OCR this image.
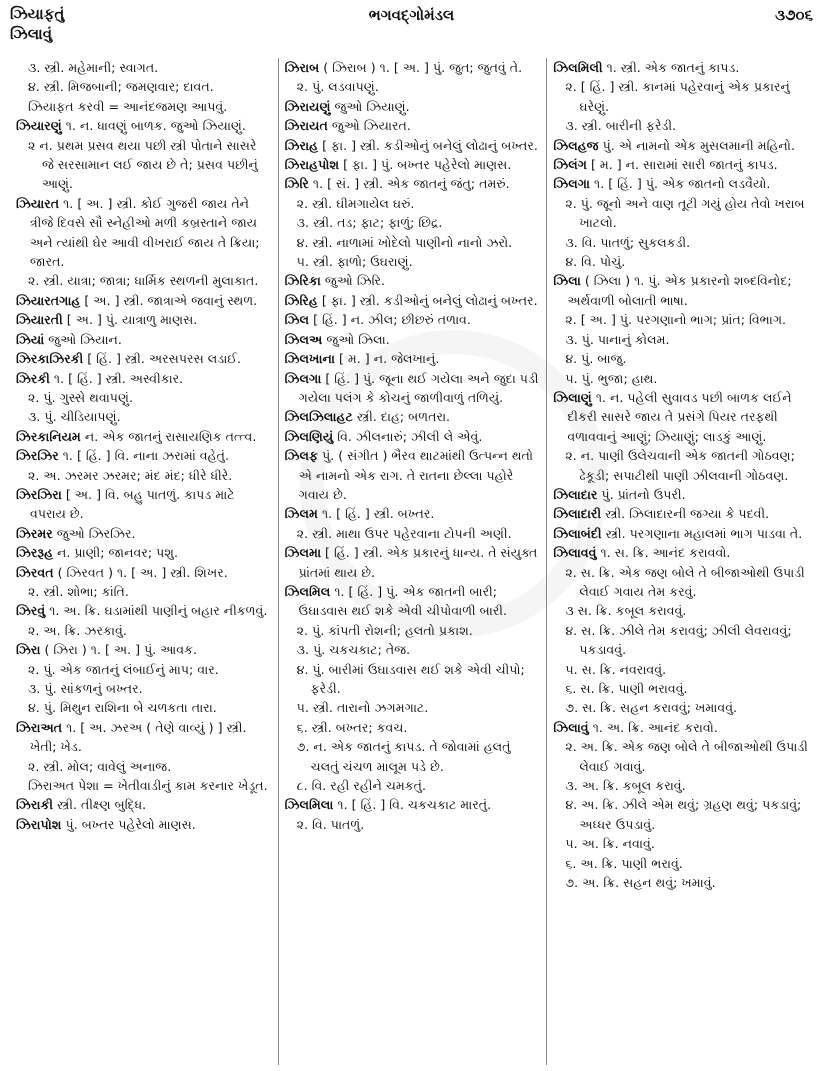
ઝિયાફતું
ઝિલાવું
ભગવદ્ગોમંડલ	૩૭૦૬
૩. સ્ત્રી. મહેમાની; સ્વાગત.
૪. સ્ત્રી. મિજબાની; જમણવાર; દાવત.
ઝિયાફત કરવી = આનંદજમણ આપવું.
ઝિયારણું ૧. ન. ધાવણું બાળક. જુઓ ઝિયાણું.
૨ ન. પ્રથમ પ્રસવ થયા પછી સ્ત્રી પોતાને સાસરે જે સરસામાન લઈ જાય છે તે; પ્રસવ પછીનું આણું.
ઝિયારત ૧. [ અ. ] સ્ત્રી. કોઈ ગુજરી જાય તેને ત્રીજે દિવસે સૌ સ્નેહીઓ મળી કબ્રસ્તાને જાય અને ત્યાંથી ઘેર આવી વીખરાઈ જાય તે ક્રિયા; જારત.
૨. સ્ત્રી. યાત્રા; જાત્રા; ધાર્મિક સ્થળની મુલાકાત.
ઝિયારતગાહ [ અ. ] સ્ત્રી. જાત્રાએ જવાનું સ્થળ.
ઝિયારતી [ અ. ] પું. યાત્રાળુ માણસ.
ઝિયાં જુઓ ઝિયાન.
ઝિરકાઝિરકી [ હિં. ] સ્ત્રી. અરસપરસ લડાઈ.
ઝિરકી ૧. [ હિં. ] સ્ત્રી. અસ્વીકાર.
૨. પું. ગુસ્સે થવાપણું.
૩. પું. ચીડિયાપણું.
ઝિરકાનિયમ ન. એક જાતનું રાસાયણિક તત્ત્વ.
ઝિરઝિર ૧. [ હિં. ] વિ. નાના ઝરામાં વહેતું.
૨. અ. ઝરમર ઝરમર; મંદ મંદ; ધીરે ધીરે.
ઝિરઝિરા [ અ. ] વિ. બહુ પાતળું. કાપડ માટે વપરાય છે.
ઝિરમર જુઓ ઝિરઝિર.
ઝિરરૂહ ન. પ્રાણી; જાનવર; પશુ.
ઝિરવત ( ઝિરવત ) ૧. [ અ. ] સ્ત્રી. શિખર.
૨. સ્ત્રી. શોભા; કાંતિ.
ઝિરવું ૧. અ. ક્રિ. ઘડામાંથી પાણીનું બહાર નીકળવું.
૨. અ. ક્રિ. ઝરકાવું.
ઝિરા ( ઝિરા ) ૧. [ અ. ] પું. આવક.
૨. પું. એક જાતનું લંબાઈનું માપ; વાર.
૩. પું. સાંકળનું બખ્તર.
૪. પું. મિથુન રાશિના બે ચળકતા તારા.
ઝિરાઅત ૧. [ અ. ઝરઅ ( તેણે વાવ્યું ) ] સ્ત્રી. ખેતી; ખેડ.
૨. સ્ત્રી. મોલ; વાવેલું અનાજ.
ઝિરાઅત પેશા = ખેતીવાડીનું કામ કરનાર ખેડૂત.
ઝિરાકી સ્ત્રી. તીક્ષ્ણ બુદ્ધિ.
ઝિરાપોશ પું. બખ્તર પહેરેલો માણસ.
ઝિરાબ ( ઝિરાબ ) ૧. [ અ. ] પું. જુત; જુતવું તે.
૨. પું. લડવાપણું.
ઝિરાયણું જુઓ ઝિયાણું.
ઝિરાયત જુઓ ઝિયારત.
ઝિરાહ [ ફા. ] સ્ત્રી. કડીઓનું બનેલું લોઢાનું બખ્તર.
ઝિરાહપોશ [ ફા. ] પું. બખ્તર પહેરેલો માણસ.
ઝિરિ ૧. [ સં. ] સ્ત્રી. એક જાતનું જંતુ; તમરું.
૨. સ્ત્રી. ઘીમગાયેલ ઘરું.
૩. સ્ત્રી. તડ; ફાટ; ફાળું; છિદ્ર.
૪. સ્ત્રી. નાળામાં ખોદેલો પાણીનો નાનો ઝરો.
૫. સ્ત્રી. ફાળો; ઉઘરાણું.
ઝિરિકા જુઓ ઝિરિ.
ઝિરિહ [ ફા. ] સ્ત્રી. કડીઓનું બનેલું લોઢાનું બખ્તર.
ઝિલ [ હિં. ] ન. ઝીલ; છીછરું તળાવ.
ઝિલઅ જુઓ ઝિલા.
ઝિલખાના [ મ. ] ન. જેલખાનું.
ઝિલગા [ હિં. ] પું. જૂના થઈ ગયેલા અને જુદા પડી ગયેલા પલંગ કે કોચનું જાળીવાળું તળિયું.
ઝિલઝિલાહટ સ્ત્રી. દાહ; બળતરા.
ઝિલણિયું વિ. ઝીલનારું; ઝીલી લે એવું.
ઝિલફ પું. ( સંગીત ) ભૈરવ થાટમાંથી ઉત્પન્ન થતો એ નામનો એક રાગ. તે રાતના છેલ્લા પહોરે ગવાય છે.
ઝિલમ ૧. [ હિં. ] સ્ત્રી. બખ્તર.
૨. સ્ત્રી. માથા ઉપર પહેરવાના ટોપની અણી.
ઝિલમા [ હિં. ] સ્ત્રી. એક પ્રકારનું ધાન્ય. તે સંયુક્ત પ્રાંતમાં થાય છે.
ઝિલમિલ ૧. [ હિં. ] પું. એક જાતની બારી; ઉઘાડવાસ થઈ શકે એવી ચીપોવાળી બારી.
૨. પું. કાંપતી રોશની; હલતો પ્રકાશ.
૩. પું. ચકચકાટ; તેજ.
૪. પું. બારીમાં ઉઘાડવાસ થઈ શકે એવી ચીપો; ફરેડી.
૫. સ્ત્રી. તારાનો ઝગમગાટ.
૬. સ્ત્રી. બખ્તર; કવચ.
૭. ન. એક જાતનું કાપડ. તે જોવામાં હલતું ચલતું ચંચળ માલૂમ પડે છે.
૮. વિ. રહી રહીને ચમકતું.
ઝિલમિલા ૧. [ હિં. ] વિ. ચકચકાટ મારતું.
૨. વિ. પાતળું.
ઝિલમિલી ૧. સ્ત્રી. એક જાતનું કાપડ.
૨. [ હિં. ] સ્ત્રી. કાનમાં પહેરવાનું એક પ્રકારનું ઘરેણું.
૩. સ્ત્રી. બારીની ફરેડી.
ઝિલહજ પું. એ નામનો એક મુસલમાની મહિનો.
ઝિલંગ [ મ. ] ન. સારામાં સારી જાતનું કાપડ.
ઝિલગા ૧. [ હિં. ] પું. એક જાતનો લડવૈયો.
૨. પું. જૂનો અને વાણ તૂટી ગયું હોય તેવો ખરાબ ખાટલો.
૩. વિ. પાતળું; સુકલકડી.
૪. વિ. પોચું.
ઝિલા ( ઝિલા ) ૧. પું. એક પ્રકારનો શબ્દવિનોદ; અર્થવાળી બોલાતી ભાષા.
૨. [ અ. ] પું. પરગણાનો ભાગ; પ્રાંત; વિભાગ.
૩. પું. પાનાનું કોલમ.
૪. પું. બાજુ.
૫. પું. ભુજા; હાથ.
ઝિલાણું ૧. ન. પહેલી સુવાવડ પછી બાળક લઈને દીકરી સાસરે જાય તે પ્રસંગે પિયર તરફથી વળાવવાનું આણું; ઝિયાણું; લાડકું આણું.
૨. ન. પાણી ઉલેચવાની એક જાતની ગોઠવણ; ઢેકૂડી; સપાટીથી પાણી ઝીલવાની ગોઠવણ.
ઝિલાદાર પું. પ્રાંતનો ઉપરી.
ઝિલાદારી સ્ત્રી. ઝિલાદારની જગ્યા કે પદવી.
ઝિલાબંદી સ્ત્રી. પરગણાના મહાલમાં ભાગ પાડવા તે.
ઝિલાવવું ૧. સ. ક્રિ. આનંદ કરાવવો.
૨. સ. ક્રિ. એક જણ બોલે તે બીજાઓથી ઉપાડી લેવાઈ ગવાય તેમ કરવું.
૩ સ. ક્રિ. કબૂલ કરાવવું.
૪. સ. ક્રિ. ઝીલે તેમ કરાવવું; ઝીલી લેવરાવવું; પકડાવવું.
૫. સ. ક્રિ. નવરાવવું.
૬. સ. ક્રિ. પાણી ભરાવવું.
૭. સ. ક્રિ. સહન કરાવવું; ખમાવવું.
ઝિલાવું ૧. અ. ક્રિ. આનંદ કરાવો.
૨. અ. ક્રિ. એક જણ બોલે તે બીજાઓથી ઉપાડી લેવાઈ ગવાવું.
૩. અ. ક્રિ. કબૂલ કરાવું.
૪. અ. ક્રિ. ઝીલે એમ થવું; ગ્રહણ થવું; પકડાવું; અધ્ધર ઉપડાવું.
૫. અ. ક્રિ. નવાવું.
૬. અ. ક્રિ. પાણી ભરાવું.
૭. અ. ક્રિ. સહન થવું; ખમાવું.
